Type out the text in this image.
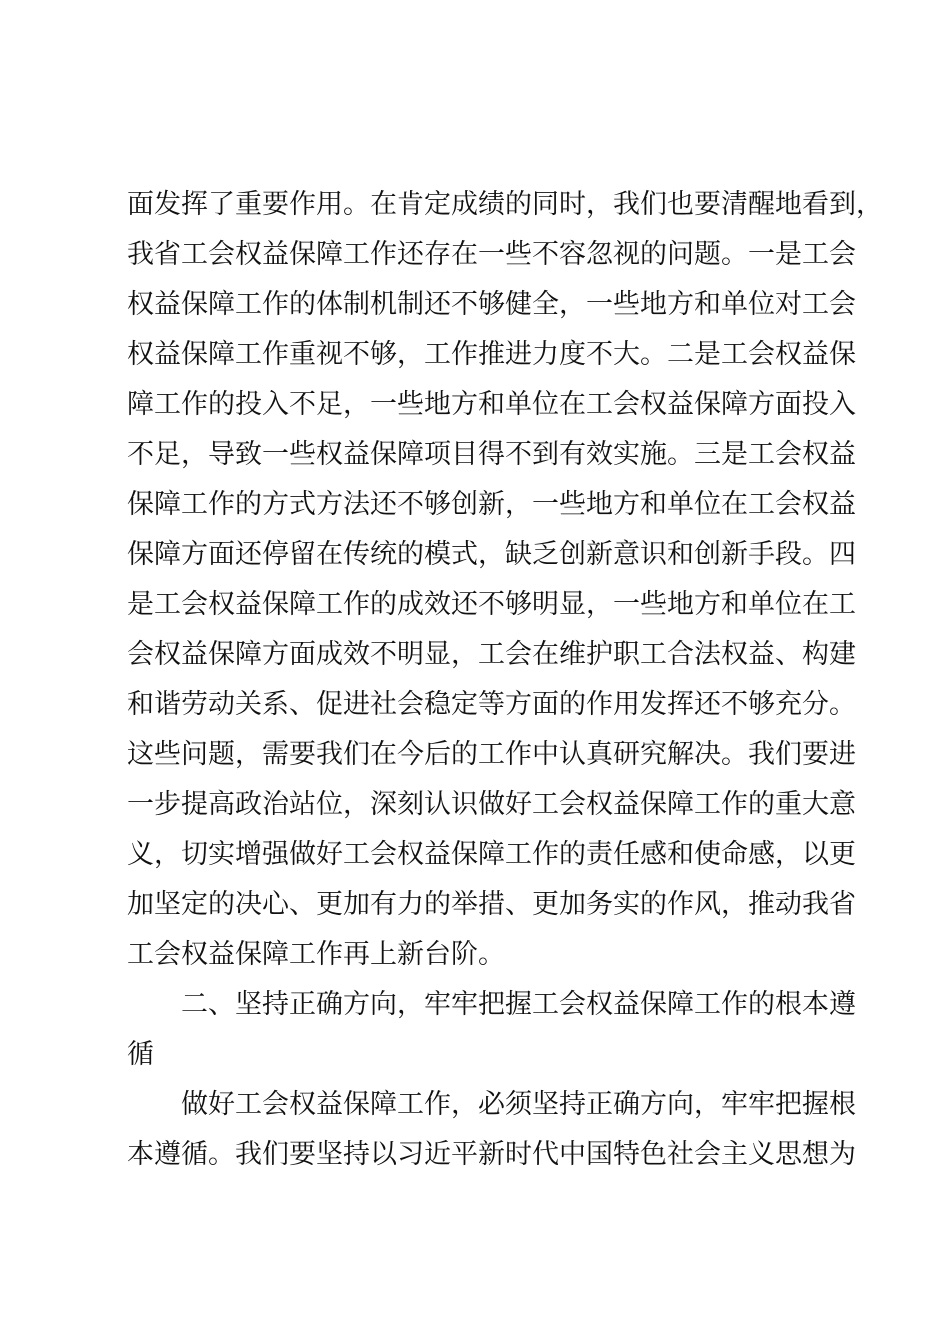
面发挥了重要作用。在肯定成绩的同时，我们也要清醒地看到，
我省工会权益保障工作还存在一些不容忽视的问题。一是工会
权益保障工作的体制机制还不够健全，一些地方和单位对工会
权益保障工作重视不够，工作推进力度不大。二是工会权益保
障工作的投入不足，一些地方和单位在工会权益保障方面投入
不足，导致一些权益保障项目得不到有效实施。三是工会权益
保障工作的方式方法还不够创新，一些地方和单位在工会权益
保障方面还停留在传统的模式，缺乏创新意识和创新手段。四
是工会权益保障工作的成效还不够明显，一些地方和单位在工
会权益保障方面成效不明显，工会在维护职工合法权益、构建
和谐劳动关系、促进社会稳定等方面的作用发挥还不够充分。
这些问题，需要我们在今后的工作中认真研究解决。我们要进
一步提高政治站位，深刻认识做好工会权益保障工作的重大意
义，切实增强做好工会权益保障工作的责任感和使命感，以更
加坚定的决心、更加有力的举措、更加务实的作风，推动我省
工会权益保障工作再上新台阶。
二、坚持正确方向，牢牢把握工会权益保障工作的根本遵
循
做好工会权益保障工作，必须坚持正确方向，牢牢把握根
本遵循。我们要坚持以习近平新时代中国特色社会主义思想为
